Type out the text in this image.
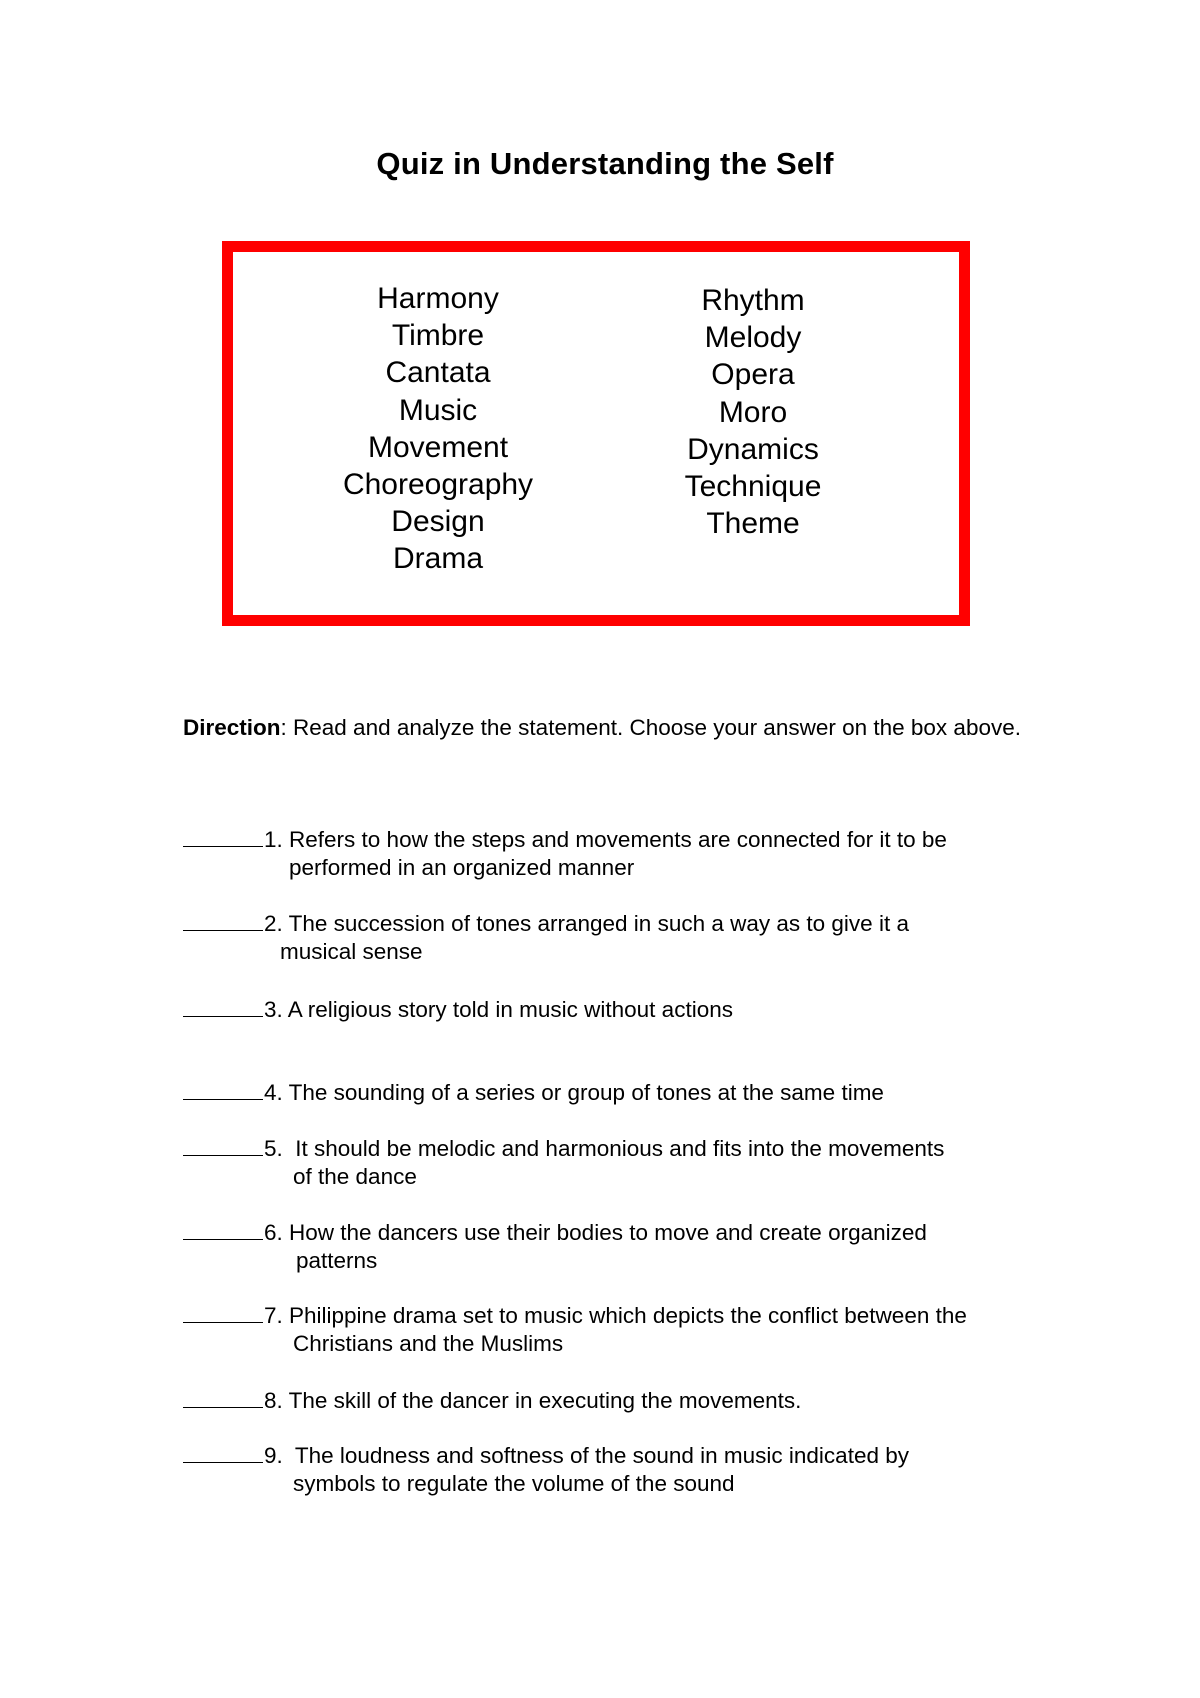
Quiz in Understanding the Self
Harmony
Timbre
Cantata
Music
Movement
Choreography
Design
Drama
Rhythm
Melody
Opera
Moro
Dynamics
Technique
Theme

Direction: Read and analyze the statement. Choose your answer on the box above.

1. Refers to how the steps and movements are connected for it to be
performed in an organized manner
2. The succession of tones arranged in such a way as to give it a
musical sense
3. A religious story told in music without actions
4. The sounding of a series or group of tones at the same time
5.  It should be melodic and harmonious and fits into the movements
of the dance
6. How the dancers use their bodies to move and create organized
patterns
7. Philippine drama set to music which depicts the conflict between the
Christians and the Muslims
8. The skill of the dancer in executing the movements.
9.  The loudness and softness of the sound in music indicated by
symbols to regulate the volume of the sound
